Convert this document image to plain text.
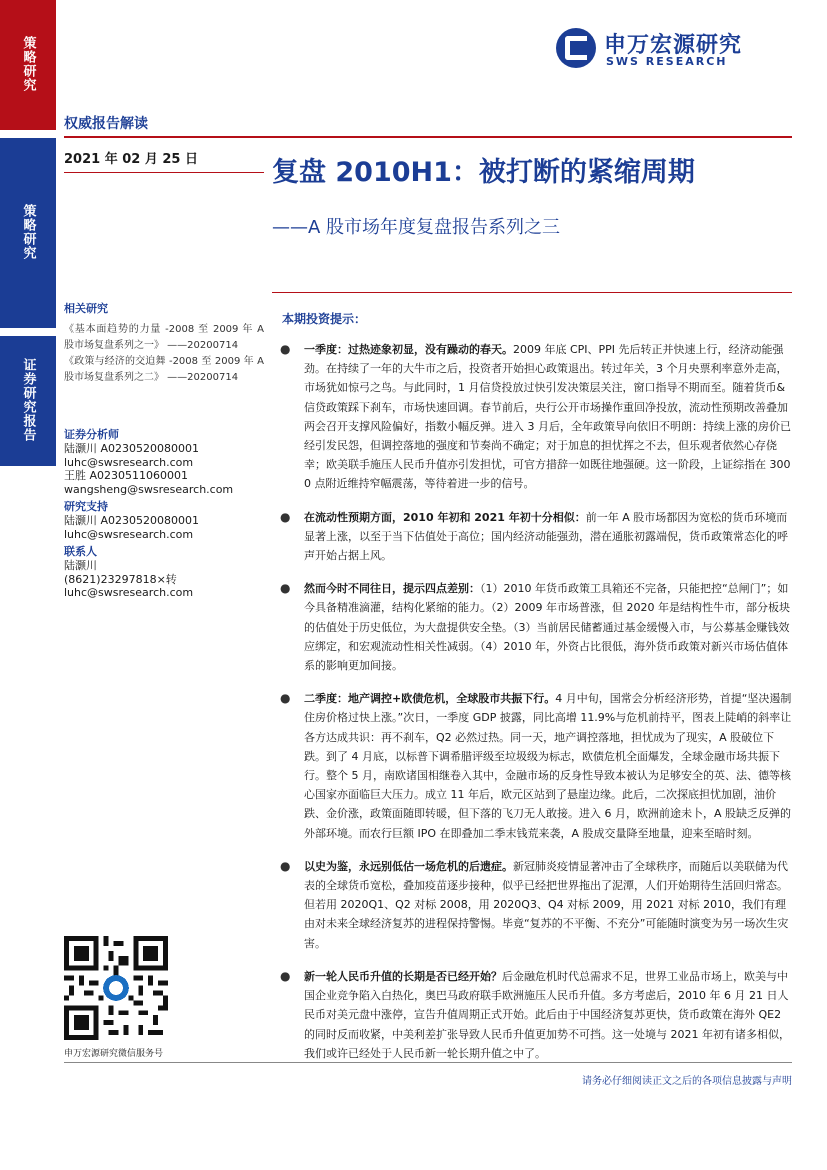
策略研究
策略研究
证券研究报告
申万宏源研究
SWS RESEARCH
权威报告解读
2021 年 02 月 25 日	复盘 2010H1：被打断的紧缩周期
——A 股市场年度复盘报告系列之三

相关研究

《基本面趋势的力量 -2008 至 2009 年 A 股市场复盘系列之一》 ——20200714
《政策与经济的交迫舞 -2008 至 2009 年 A 股市场复盘系列之二》 ——20200714

证券分析师

陆灏川 A0230520080001
luhc@swsresearch.com
王胜 A0230511060001
wangsheng@swsresearch.com

研究支持

陆灏川 A0230520080001
luhc@swsresearch.com

联系人

陆灏川
(8621)23297818×转
luhc@swsresearch.com
申万宏源研究微信服务号
本期投资提示：
● 一季度：过热迹象初显，没有躁动的春天。2009 年底 CPI、PPI 先后转正并快速上行，经济动能强劲。在持续了一年的大牛市之后，投资者开始担心政策退出。转过年关，3 个月央票利率意外走高，市场犹如惊弓之鸟。与此同时，1 月信贷投放过快引发决策层关注，窗口指导不期而至。随着货币&信贷政策踩下刹车，市场快速回调。春节前后，央行公开市场操作重回净投放，流动性预期改善叠加两会召开支撑风险偏好，指数小幅反弹。进入 3 月后，全年政策导向依旧不明朗：持续上涨的房价已经引发民怨，但调控落地的强度和节奏尚不确定；对于加息的担忧挥之不去，但乐观者依然心存侥幸；欧美联手施压人民币升值亦引发担忧，可官方措辞一如既往地强硬。这一阶段，上证综指在 3000 点附近维持窄幅震荡，等待着进一步的信号。
● 在流动性预期方面，2010 年初和 2021 年初十分相似：前一年 A 股市场都因为宽松的货币环境而显著上涨，以至于当下估值处于高位；国内经济动能强劲，潜在通胀初露端倪，货币政策常态化的呼声开始占据上风。
● 然而今时不同往日，提示四点差别：（1）2010 年货币政策工具箱还不完备，只能把控“总闸门”；如今具备精准滴灌，结构化紧缩的能力。（2）2009 年市场普涨，但 2020 年是结构性牛市，部分板块的估值处于历史低位，为大盘提供安全垫。（3）当前居民储蓄通过基金缓慢入市，与公募基金赚钱效应绑定，和宏观流动性相关性减弱。（4）2010 年，外资占比很低，海外货币政策对新兴市场估值体系的影响更加间接。
● 二季度：地产调控+欧债危机，全球股市共振下行。4 月中旬，国常会分析经济形势，首提“坚决遏制住房价格过快上涨。”次日，一季度 GDP 披露，同比高增 11.9%与危机前持平，图表上陡峭的斜率让各方达成共识：再不刹车，Q2 必然过热。同一天，地产调控落地，担忧成为了现实，A 股破位下跌。到了 4 月底，以标普下调希腊评级至垃圾级为标志，欧债危机全面爆发，全球金融市场共振下行。整个 5 月，南欧诸国相继卷入其中，金融市场的反身性导致本被认为足够安全的英、法、德等核心国家亦面临巨大压力。成立 11 年后，欧元区站到了悬崖边缘。此后，二次探底担忧加剧，油价跌、金价涨，政策面随即转暖，但下落的飞刀无人敢接。进入 6 月，欧洲前途未卜，A 股缺乏反弹的外部环境。而农行巨额 IPO 在即叠加二季末钱荒来袭，A 股成交量降至地量，迎来至暗时刻。
● 以史为鉴，永远别低估一场危机的后遗症。新冠肺炎疫情显著冲击了全球秩序，而随后以美联储为代表的全球货币宽松，叠加疫苗逐步接种，似乎已经把世界拖出了泥潭，人们开始期待生活回归常态。但若用 2020Q1、Q2 对标 2008，用 2020Q3、Q4 对标 2009，用 2021 对标 2010，我们有理由对未来全球经济复苏的进程保持警惕。毕竟“复苏的不平衡、不充分”可能随时演变为另一场次生灾害。
● 新一轮人民币升值的长期是否已经开始？后金融危机时代总需求不足，世界工业品市场上，欧美与中国企业竞争陷入白热化，奥巴马政府联手欧洲施压人民币升值。多方考虑后，2010 年 6 月 21 日人民币对美元盘中涨停，宣告升值周期正式开始。此后由于中国经济复苏更快，货币政策在海外 QE2 的同时反而收紧，中美利差扩张导致人民币升值更加势不可挡。这一处境与 2021 年初有诸多相似，我们或许已经处于人民币新一轮长期升值之中了。
请务必仔细阅读正文之后的各项信息披露与声明
